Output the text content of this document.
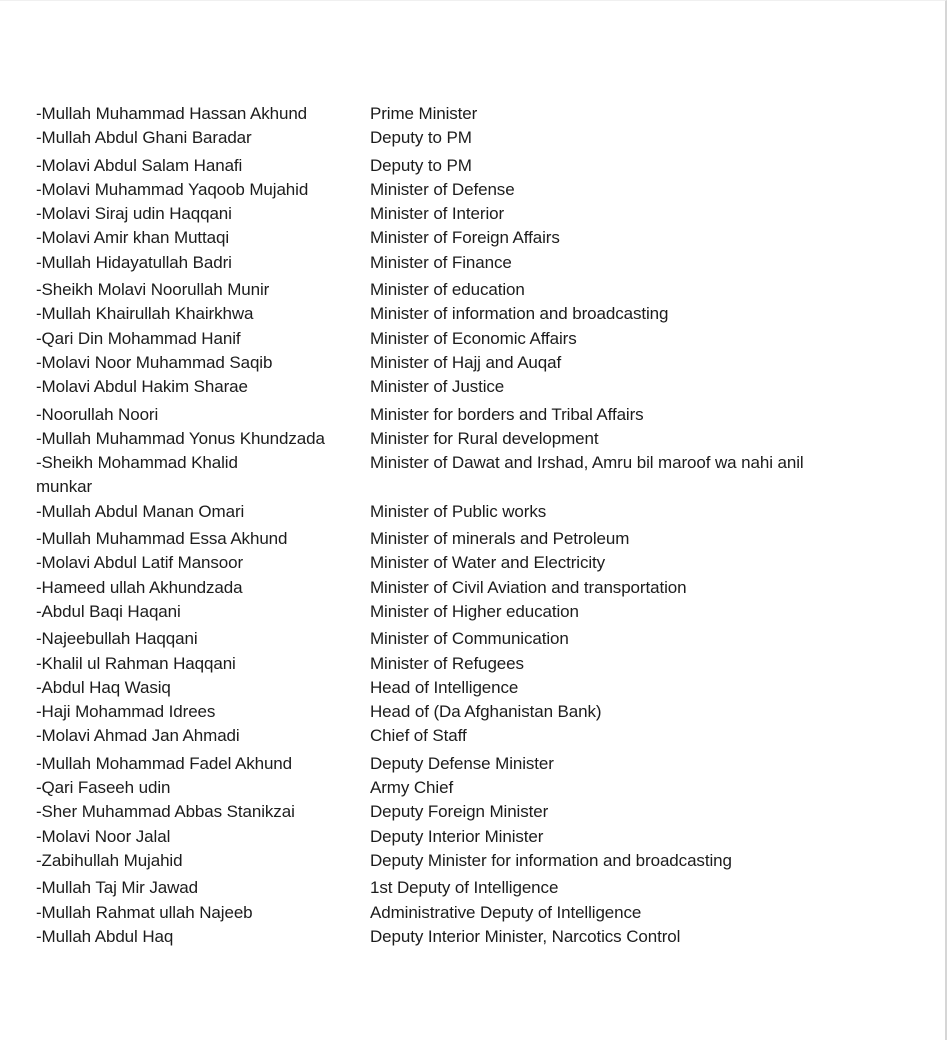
-Mullah Muhammad Hassan Akhund	Prime Minister
-Mullah Abdul Ghani Baradar	Deputy to PM
-Molavi Abdul Salam Hanafi	Deputy to PM
-Molavi Muhammad Yaqoob Mujahid	Minister of Defense
-Molavi Siraj udin Haqqani	Minister of Interior
-Molavi Amir khan Muttaqi	Minister of Foreign Affairs
-Mullah Hidayatullah Badri	Minister of Finance
-Sheikh Molavi Noorullah Munir	Minister of education
-Mullah Khairullah Khairkhwa	Minister of information and broadcasting
-Qari Din Mohammad Hanif	Minister of Economic Affairs
-Molavi Noor Muhammad Saqib	Minister of Hajj and Auqaf
-Molavi Abdul Hakim Sharae	Minister of Justice
-Noorullah Noori	Minister for borders and Tribal Affairs
-Mullah Muhammad Yonus Khundzada	Minister for Rural development
-Sheikh Mohammad Khalid	Minister of Dawat and Irshad, Amru bil maroof wa nahi anil
munkar
-Mullah Abdul Manan Omari	Minister of Public works
-Mullah Muhammad Essa Akhund	Minister of minerals and Petroleum
-Molavi Abdul Latif Mansoor	Minister of Water and Electricity
-Hameed ullah Akhundzada	Minister of Civil Aviation and transportation
-Abdul Baqi Haqani	Minister of Higher education
-Najeebullah Haqqani	Minister of Communication
-Khalil ul Rahman Haqqani	Minister of Refugees
-Abdul Haq Wasiq	Head of Intelligence
-Haji Mohammad Idrees	Head of (Da Afghanistan Bank)
-Molavi Ahmad Jan Ahmadi	Chief of Staff
-Mullah Mohammad Fadel Akhund	Deputy Defense Minister
-Qari Faseeh udin	Army Chief
-Sher Muhammad Abbas Stanikzai	Deputy Foreign Minister
-Molavi Noor Jalal	Deputy Interior Minister
-Zabihullah Mujahid	Deputy Minister for information and broadcasting
-Mullah Taj Mir Jawad	1st Deputy of Intelligence
-Mullah Rahmat ullah Najeeb	Administrative Deputy of Intelligence
-Mullah Abdul Haq	Deputy Interior Minister, Narcotics Control
